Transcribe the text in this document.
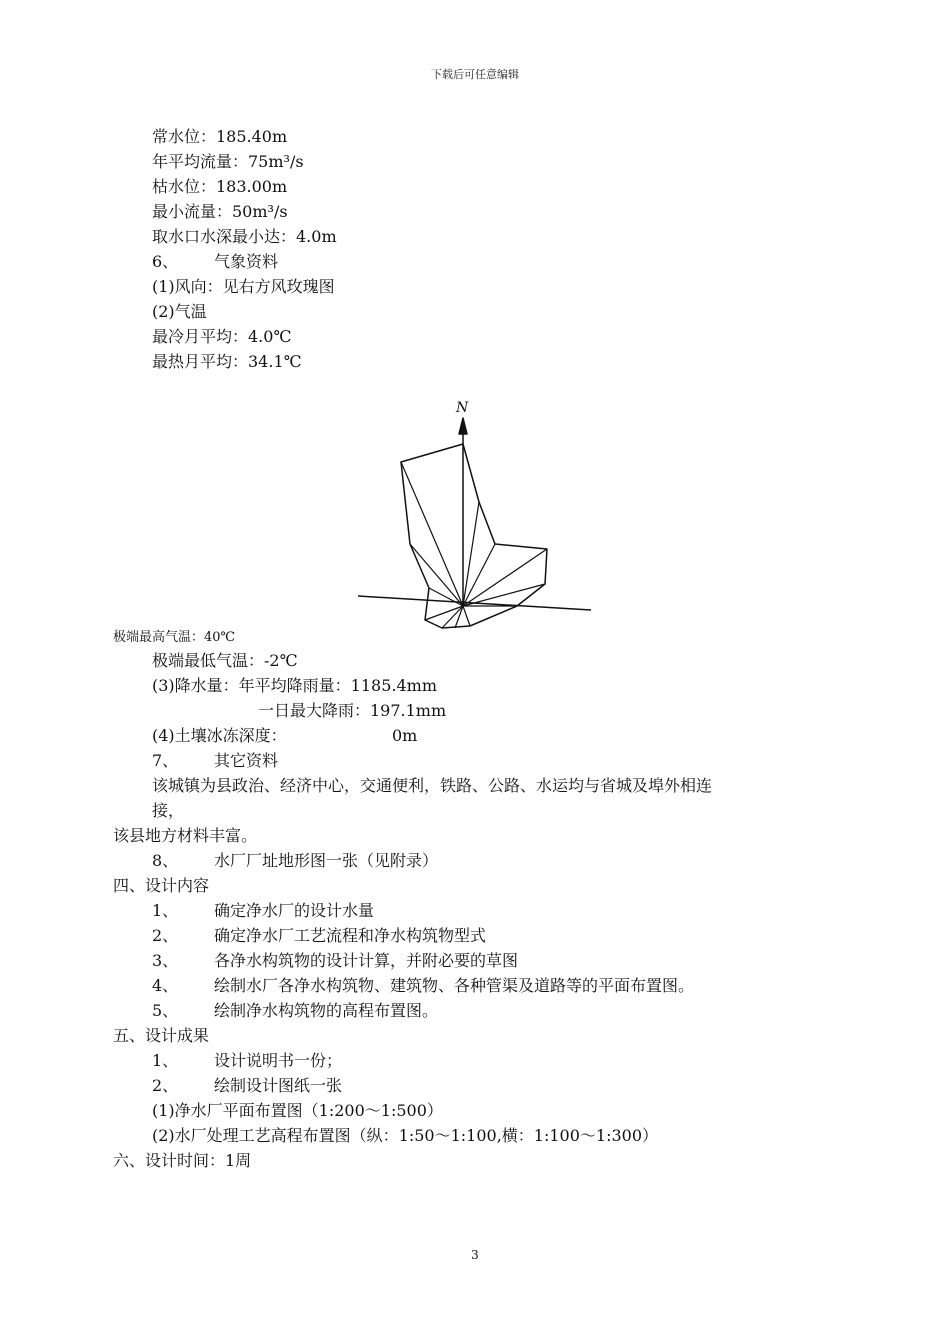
下载后可任意编辑
常水位：185.40m
年平均流量：75m³/s
枯水位：183.00m
最小流量：50m³/s
取水口水深最小达：4.0m
6、 气象资料
(1)风向：见右方风玫瑰图
(2)气温
最冷月平均：4.0℃
最热月平均：34.1℃
N
极端最高气温：40℃
极端最低气温：-2℃
(3)降水量：年平均降雨量：1185.4mm
一日最大降雨：197.1mm
(4)土壤冰冻深度：	0m
7、 其它资料
该城镇为县政治、经济中心，交通便利，铁路、公路、水运均与省城及埠外相连
接，
该县地方材料丰富。
8、 水厂厂址地形图一张（见附录）
四、设计内容
1、 确定净水厂的设计水量
2、 确定净水厂工艺流程和净水构筑物型式
3、 各净水构筑物的设计计算，并附必要的草图
4、 绘制水厂各净水构筑物、建筑物、各种管渠及道路等的平面布置图。
5、 绘制净水构筑物的高程布置图。
五、设计成果
1、 设计说明书一份；
2、 绘制设计图纸一张
(1)净水厂平面布置图（1:200～1:500）
(2)水厂处理工艺高程布置图（纵：1:50～1:100,横：1:100～1:300）
六、设计时间：1周
3
